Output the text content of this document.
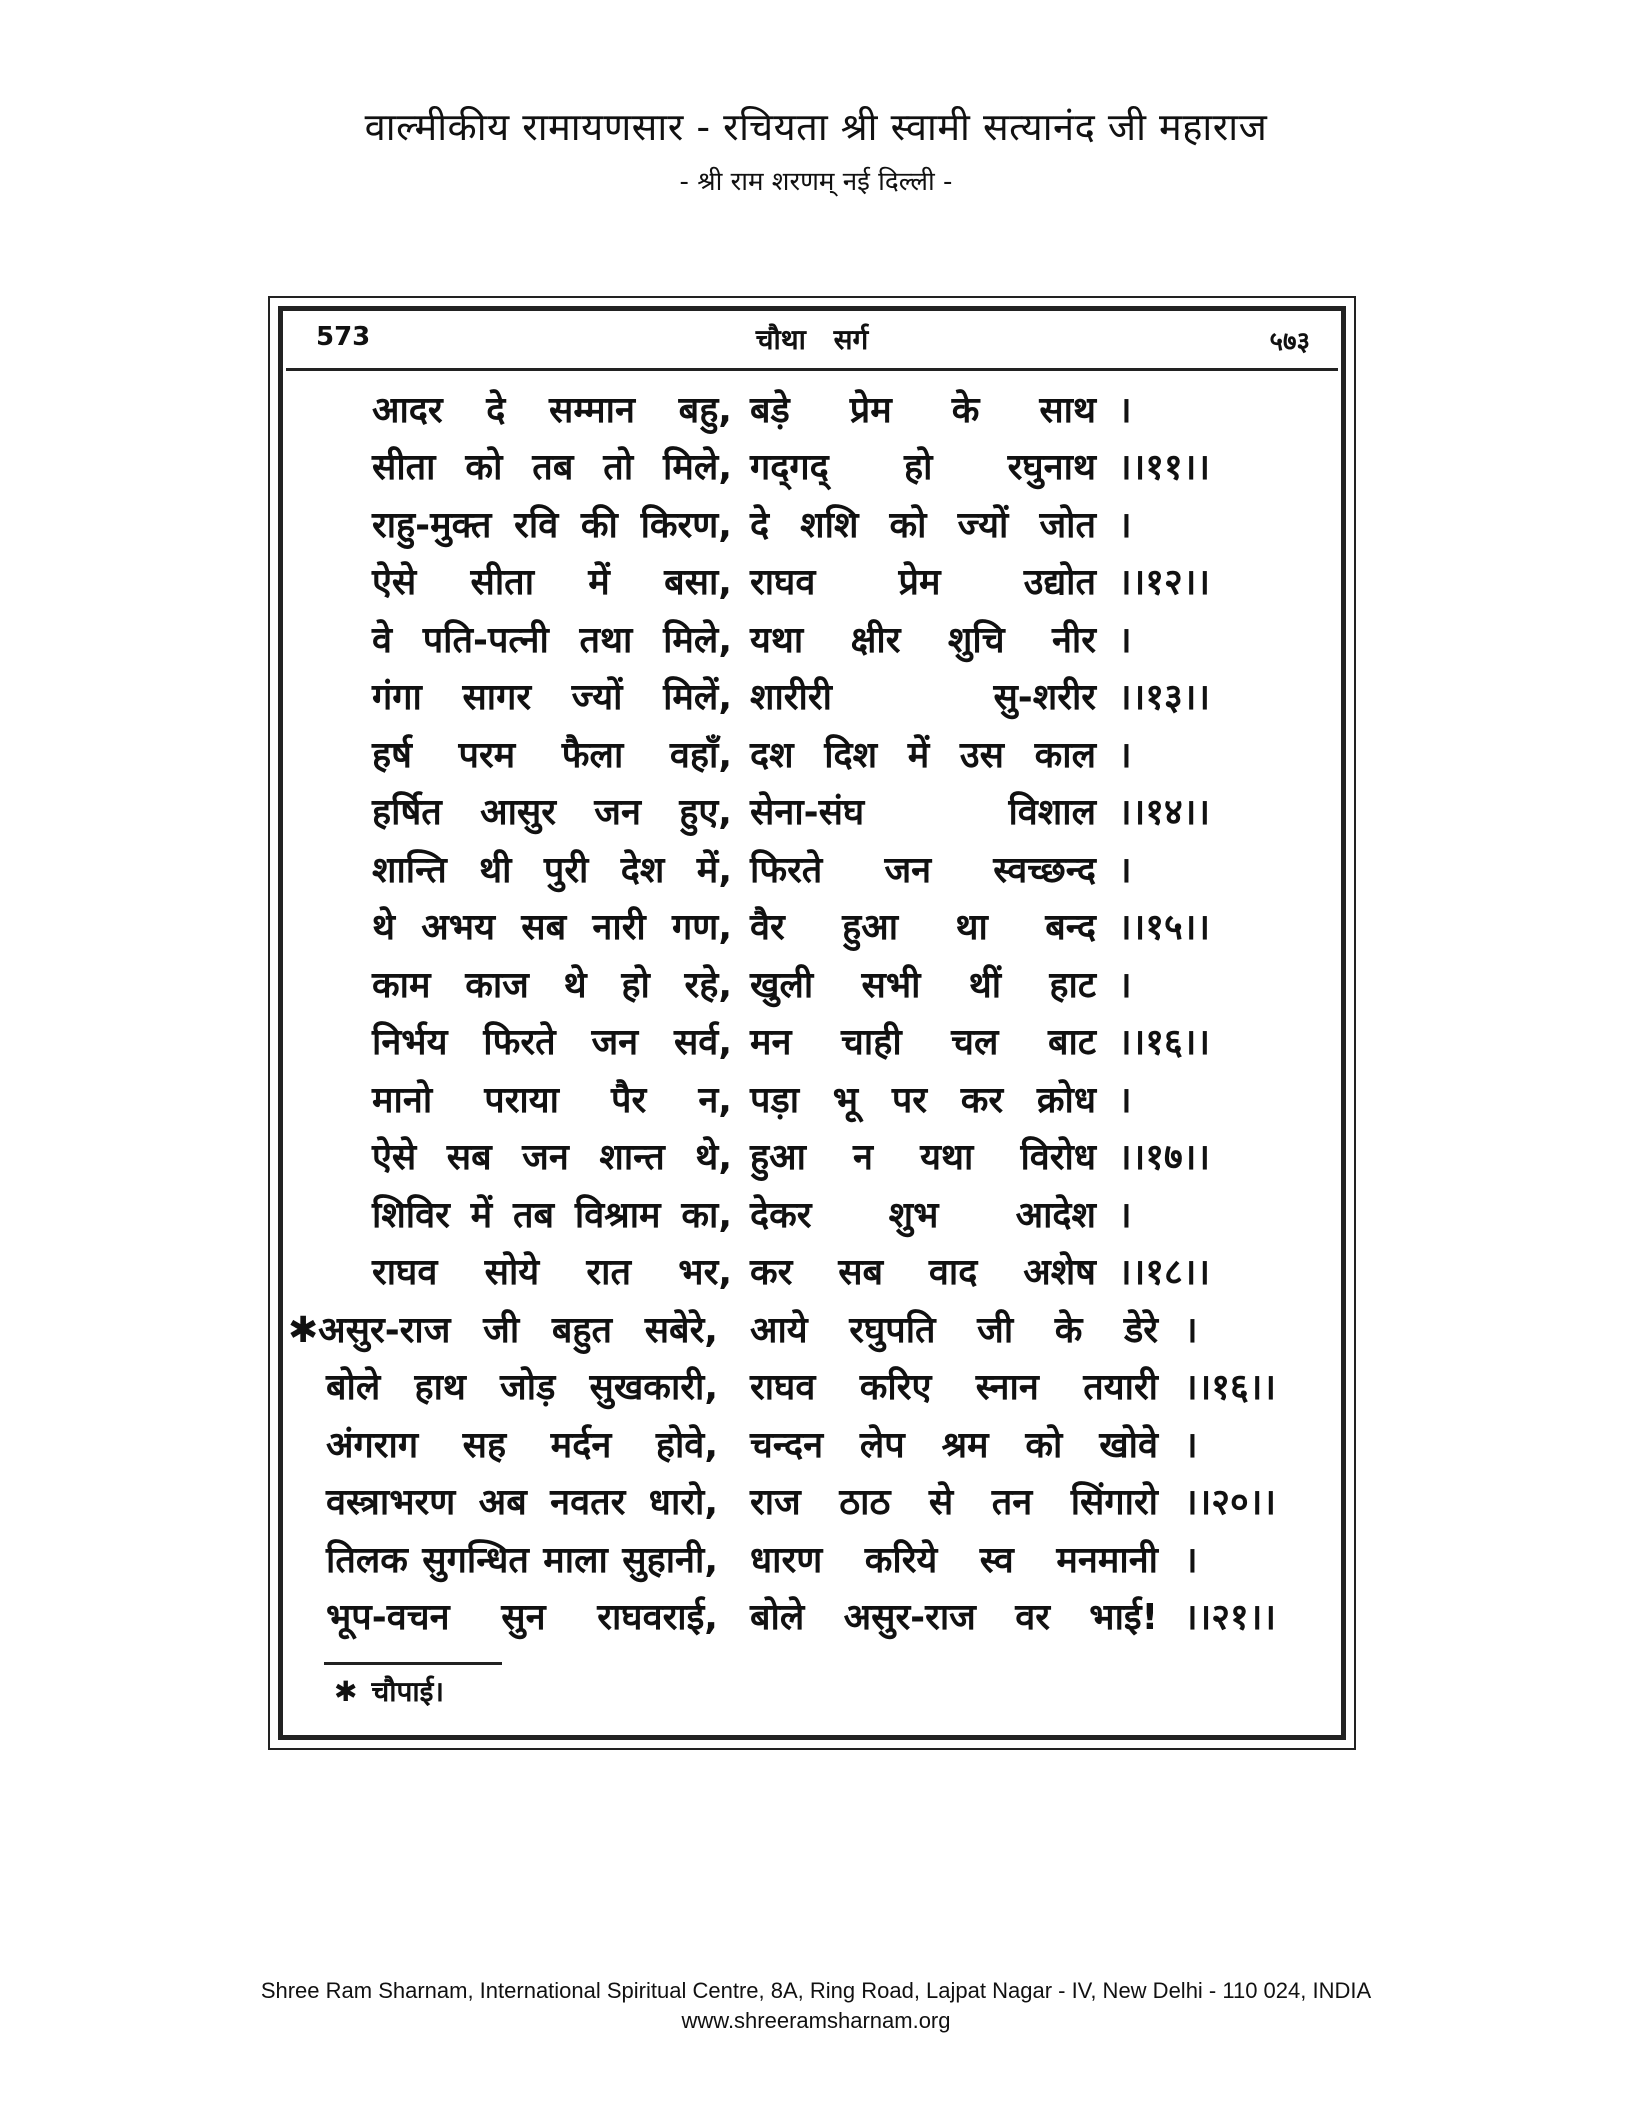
वाल्मीकीय रामायणसार - रचियता श्री स्वामी सत्यानंद जी महाराज
- श्री राम शरणम् नई दिल्ली -
573	चौथा सर्ग	५७३
आदर दे सम्मान बहु, बड़े प्रेम के साथ ।
सीता को तब तो मिले, गद्‌गद्‌ हो रघुनाथ ।।११।।
राहु-मुक्त रवि की किरण, दे शशि को ज्यों जोत ।
ऐसे सीता में बसा, राघव प्रेम उद्योत ।।१२।।
वे पति-पत्नी तथा मिले, यथा क्षीर शुचि नीर ।
गंगा सागर ज्यों मिलें, शारीरी सु-शरीर ।।१३।।
हर्ष परम फैला वहाँ, दश दिश में उस काल ।
हर्षित आसुर जन हुए, सेना-संघ विशाल ।।१४।।
शान्ति थी पुरी देश में, फिरते जन स्वच्छन्द ।
थे अभय सब नारी गण, वैर हुआ था बन्द ।।१५।।
काम काज थे हो रहे, खुली सभी थीं हाट ।
निर्भय फिरते जन सर्व, मन चाही चल बाट ।।१६।।
मानो पराया पैर न, पड़ा भू पर कर क्रोध ।
ऐसे सब जन शान्त थे, हुआ न यथा विरोध ।।१७।।
शिविर में तब विश्राम का, देकर शुभ आदेश ।
राघव सोये रात भर, कर सब वाद अशेष ।।१८।।
✱असुर-राज जी बहुत सबेरे, आये रघुपति जी के डेरे ।
बोले हाथ जोड़ सुखकारी, राघव करिए स्नान तयारी ।।१६।।
अंगराग सह मर्दन होवे, चन्दन लेप श्रम को खोवे ।
वस्त्राभरण अब नवतर धारो, राज ठाठ से तन सिंगारो ।।२०।।
तिलक सुगन्धित माला सुहानी, धारण करिये स्व मनमानी ।
भूप-वचन सुन राघवराई, बोले असुर-राज वर भाई! ।।२१।।
✱ चौपाई।
Shree Ram Sharnam, International Spiritual Centre, 8A, Ring Road, Lajpat Nagar - IV, New Delhi - 110 024, INDIA
www.shreeramsharnam.org
